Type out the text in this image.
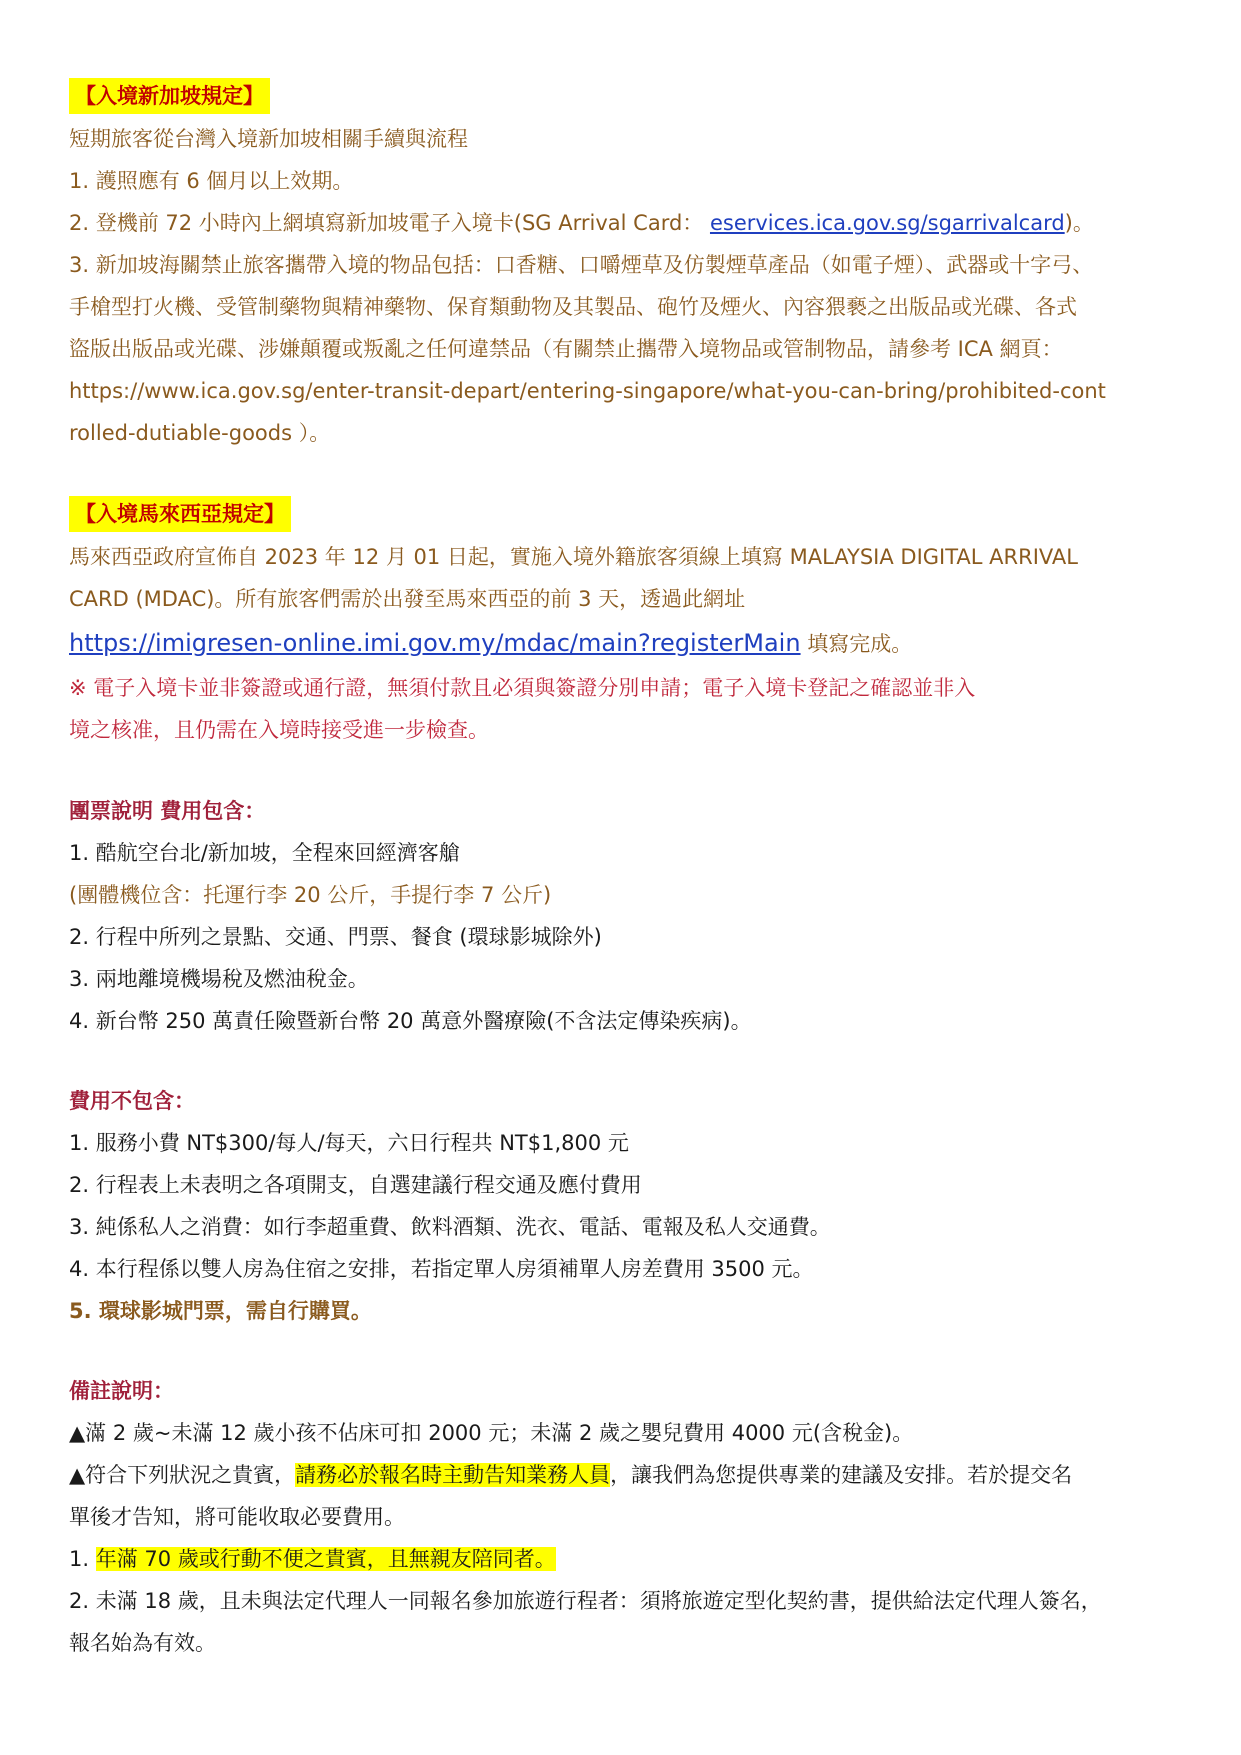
【入境新加坡規定】
短期旅客從台灣入境新加坡相關手續與流程
1. 護照應有 6 個月以上效期。
2. 登機前 72 小時內上網填寫新加坡電子入境卡(SG Arrival Card： eservices.ica.gov.sg/sgarrivalcard)。
3. 新加坡海關禁止旅客攜帶入境的物品包括：口香糖、口嚼煙草及仿製煙草產品（如電子煙）、武器或十字弓、
手槍型打火機、受管制藥物與精神藥物、保育類動物及其製品、砲竹及煙火、內容猥褻之出版品或光碟、各式
盜版出版品或光碟、涉嫌顛覆或叛亂之任何違禁品（有關禁止攜帶入境物品或管制物品，請參考 ICA 網頁：
https://www.ica.gov.sg/enter-transit-depart/entering-singapore/what-you-can-bring/prohibited-cont
rolled-dutiable-goods ）。
【入境馬來西亞規定】
馬來西亞政府宣佈自 2023 年 12 月 01 日起，實施入境外籍旅客須線上填寫 MALAYSIA DIGITAL ARRIVAL
CARD (MDAC)。所有旅客們需於出發至馬來西亞的前 3 天，透過此網址
https://imigresen-online.imi.gov.my/mdac/main?registerMain 填寫完成。
※ 電子入境卡並非簽證或通行證，無須付款且必須與簽證分別申請；電子入境卡登記之確認並非入
境之核准，且仍需在入境時接受進一步檢查。
團票說明 費用包含：
1. 酷航空台北/新加坡，全程來回經濟客艙
(團體機位含：托運行李 20 公斤，手提行李 7 公斤)
2. 行程中所列之景點、交通、門票、餐食 (環球影城除外)
3. 兩地離境機場稅及燃油稅金。
4. 新台幣 250 萬責任險暨新台幣 20 萬意外醫療險(不含法定傳染疾病)。
費用不包含：
1. 服務小費 NT$300/每人/每天，六日行程共 NT$1,800 元
2. 行程表上未表明之各項開支，自選建議行程交通及應付費用
3. 純係私人之消費：如行李超重費、飲料酒類、洗衣、電話、電報及私人交通費。
4. 本行程係以雙人房為住宿之安排，若指定單人房須補單人房差費用 3500 元。
5. 環球影城門票，需自行購買。
備註說明：
▲滿 2 歲~未滿 12 歲小孩不佔床可扣 2000 元；未滿 2 歲之嬰兒費用 4000 元(含稅金)。
▲符合下列狀況之貴賓，請務必於報名時主動告知業務人員，讓我們為您提供專業的建議及安排。若於提交名
單後才告知，將可能收取必要費用。
1. 年滿 70 歲或行動不便之貴賓，且無親友陪同者。
2. 未滿 18 歲，且未與法定代理人一同報名參加旅遊行程者：須將旅遊定型化契約書，提供給法定代理人簽名，
報名始為有效。
